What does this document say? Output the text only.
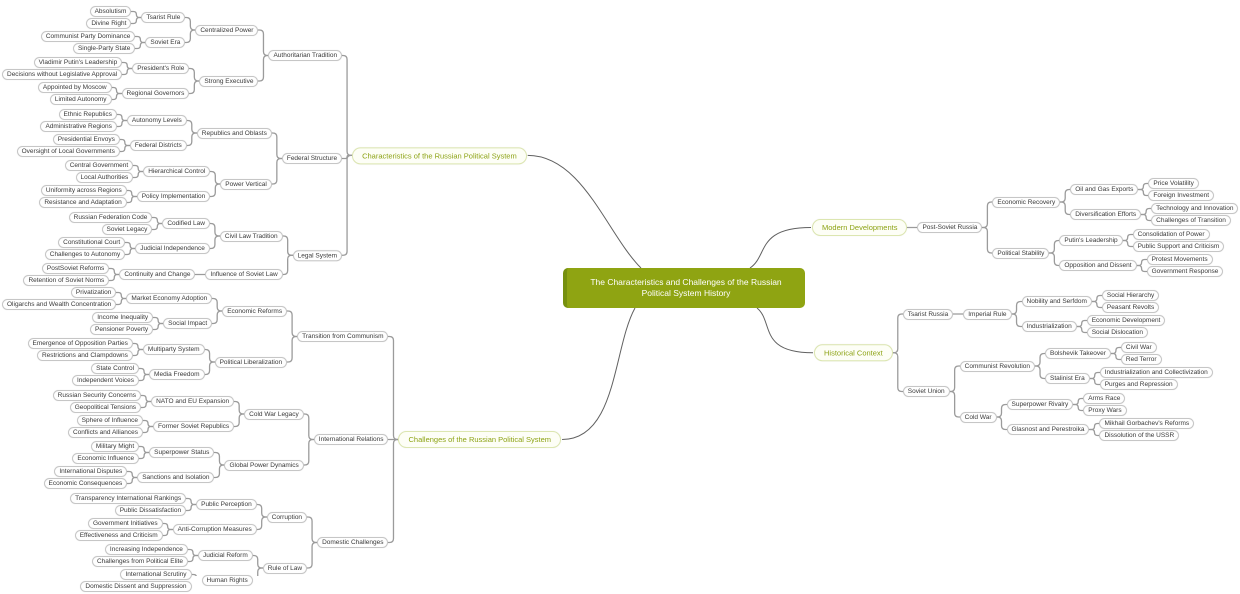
The Characteristics and Challenges of the Russian Political System History
Characteristics of the Russian Political System
Authoritarian Tradition
Centralized Power
Tsarist Rule
Absolutism
Divine Right
Soviet Era
Communist Party Dominance
Single-Party State
Strong Executive
President's Role
Vladimir Putin's Leadership
Decisions without Legislative Approval
Regional Governors
Appointed by Moscow
Limited Autonomy
Federal Structure
Republics and Oblasts
Autonomy Levels
Ethnic Republics
Administrative Regions
Federal Districts
Presidential Envoys
Oversight of Local Governments
Power Vertical
Hierarchical Control
Central Government
Local Authorities
Policy Implementation
Uniformity across Regions
Resistance and Adaptation
Legal System
Civil Law Tradition
Codified Law
Russian Federation Code
Soviet Legacy
Judicial Independence
Constitutional Court
Challenges to Autonomy
Influence of Soviet Law
Continuity and Change
PostSoviet Reforms
Retention of Soviet Norms
Challenges of the Russian Political System
Transition from Communism
Economic Reforms
Market Economy Adoption
Privatization
Oligarchs and Wealth Concentration
Social Impact
Income Inequality
Pensioner Poverty
Political Liberalization
Multiparty System
Emergence of Opposition Parties
Restrictions and Clampdowns
Media Freedom
State Control
Independent Voices
International Relations
Cold War Legacy
NATO and EU Expansion
Russian Security Concerns
Geopolitical Tensions
Former Soviet Republics
Sphere of Influence
Conflicts and Alliances
Global Power Dynamics
Superpower Status
Military Might
Economic Influence
Sanctions and Isolation
International Disputes
Economic Consequences
Domestic Challenges
Corruption
Public Perception
Transparency International Rankings
Public Dissatisfaction
Anti-Corruption Measures
Government Initiatives
Effectiveness and Criticism
Rule of Law
Judicial Reform
Increasing Independence
Challenges from Political Elite
Human Rights
International Scrutiny
Domestic Dissent and Suppression
Modern Developments	Post-Soviet Russia
Economic Recovery
Oil and Gas Exports
Price Volatility
Foreign Investment
Diversification Efforts
Technology and Innovation
Challenges of Transition
Political Stability
Putin's Leadership
Consolidation of Power
Public Support and Criticism
Opposition and Dissent
Protest Movements
Government Response
Historical Context
Tsarist Russia	Imperial Rule
Nobility and Serfdom
Social Hierarchy
Peasant Revolts
Industrialization
Economic Development
Social Dislocation
Soviet Union
Communist Revolution
Bolshevik Takeover
Civil War
Red Terror
Stalinist Era
Industrialization and Collectivization
Purges and Repression
Cold War
Superpower Rivalry
Arms Race
Proxy Wars
Glasnost and Perestroika
Mikhail Gorbachev's Reforms
Dissolution of the USSR
